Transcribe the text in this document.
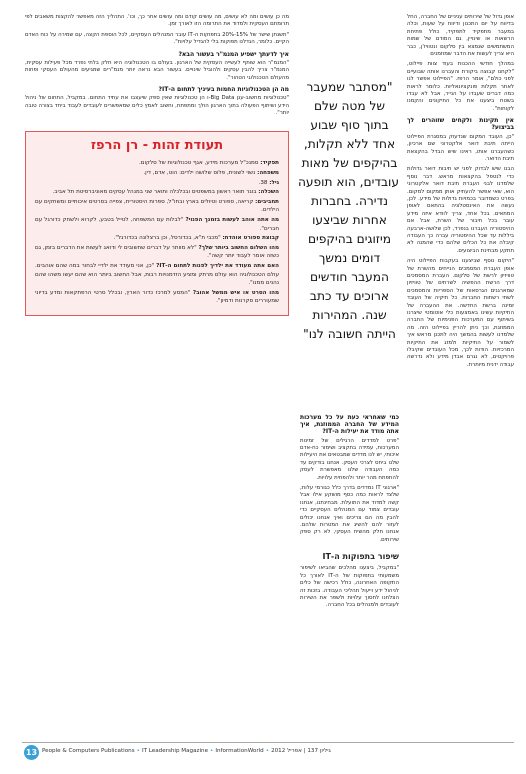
אופן גדול של שירותים עניניים של החברה, החל בדיווח על יום התכנון ודיווח על שעות, וכלה במעבר מתפקיד לתפקיד, כולל פתיחת הרשאות או שינויין, גם המודם של שמות המשתמשים שנמצא בין סלקום ונטוויז'ן, כבר היא צריך לעשות את הדבר שמוזמנים

במהלך חודשי ההכנות בעוד צוות פיילוט, "לקחנו קבוצה ביקורת והעברנו אותה שבועיים לפני כולם", אומר הרפז. "הפיילוט אפשר לנו לאתר תקלות פונקציונאליות. כלומר לראות כמה דברים שעבדו על הנייר, אבל לא עבדו בשטח ביצענו את כל התיקונים והקמנו לקוחות".

אין תקינות ולקחים שזוהרים לך בביצוע?

"כן, העובד המקום שנדעוק במסגרת הפיילוט הייתה תיבת דואר אלקטרוני שם ארכיון, כשהעברנו אותו, ראינו שיש הבדל בהקצאת תיבת הדואר.

הבנו שיש לבדוק לפני יש תיבות דואר גדולות כדי לנטפל בהקצאות מראש. דבר נוסף שלמדנו לבני העברת תיבת דואר אלקטרוני הוא, שאי אפשר להעתיק אותן ממקום למקום. בפרט כשמדובר בכמויות גדולות של מידע. לכן, נעשה את האינסטלציה בהתאם לאופן המתאים. בכל אחד, צריך לוודא איזה מידע עובר בכל חיבור של השרת, אבל אם ההיסטוריה העברנו בנפרד, לכן שלושה-ארבעה ביללות עד שכל ההיסטוריה עברה כך העבודה קיבלה את כל הכלים שלהם כדי שהמנה לא תתקע מבחינת הביצועים.

"היקום נוסף שביצענו בעקבות הפיילוט היה אופן העברת המסמכים הנייחים מהשרת של טוויזיון לרשת של סלקום. העברת המסמכים דרך הרשת ההפשיה לשרתים של טוויזיון שמארגנים הגרסאות של הספריות והמסמכים לשתי רשתות החברות. כל תיקיה של העובד זמינה ברשת החדשה. את ההעברה של התיקיות עשינו באמצעות כלי אוטומטי שיצרנו בשיתוף עם המערכות הפנימיות של החברה הממוזגת, וכך ניתן להריץ בפיילוט הזה. מה שלמדנו לעשות בהמשך היה לתכנן מראש איך לשמור על התיקיות ולמזג את התיקיות המרכזיות. הודות לכך, מכל העובדים שקיבלו פרויקטים, לא נגרם אבדן מידע ולא נדרשה עבודה ידנית מיותרת.

"מסתבר שמעבר
של מטה שלם
בתוך סוף שבוע
אחד ללא תקלות,
בהיקפים של מאות
עובדים, הוא תופעה
נדירה. בחברות
אחרות שביצעו
מיזוגים בהיקפים
דומים נמשך
המעבר חודשים
ארוכים עד כתב
שנה. המהירות
הייתה חשובה לנו"
כמי שאחראי כעת על כל מערכות המידע של החברה הממוזגת, איך אתה מודד את יעילות ה-IT?

"פרט למדדים הרגילים של זמינות המערכות, עמידה בתקציב ושימור כח-אדם איכותי, יש לנו מדדים שמבטאים את היעילות שלנו ביחס לצרכי העסק. אנחנו בודקים עד כמה העבודה שלנו מאפשרת לעסק להתפתח מהר יותר ולהפחית עלויות.

"ארגוני IT נמדדים בדרך כלל כגורמי עלות, שלצד לראות כמה כסף מושקע אילו אבל קשה למדוד את התועלת. מבחינתנו, אנחנו עובדים צמוד עם המנהלים העסקיים כדי להבין מה הם צריכים ואיך אנחנו יכולים לעזור להם להשיג את המטרות שלהם. אנחנו חלק מהשיח העסקי, לא רק ספק שירותים.

שיפור בתפוקות ה-IT

"במקביל, ביצענו מהלכים שהביאו לשיפור משמעותי בתפוקות של ה-IT לאורך כל התקופה האחרונה, כולל רכישה של כלים לניהול ידע וייעול תהליכי העבודה. בזכות זה הצלחנו לחסוך עלויות ולשפר את השירות לעובדים ולמנהלים בכל החברה.

מה כן עושים ומה לא עושים, מה עושים קודם ומה עושים אחר כך, וכו'. התהליך הזה מאפשר להקצות משאבים לפי תרומתם העסקית ולמדוד את התרומה הזו לאורך זמן.

"תשנתן שישר של 15%-20% בתפוקות ה-IT עובר המנהלים העסקיים, לכל הוספת הקצה, עם שמירה על כוח האדם הקיים. כלומר, הגדלנו תפוקות בלי להגדיל עלויות".

איך לדעתך ישפיע המנמ"ר בעשור הבא?

"המנמ"ר הוא שותף לעשייה העסקית של הארגון. בעולם בו הטכנולוגיה היא חלק בלתי נפרד מכל פעילות עסקית, המנמ"ר צריך להבין עסקים ולהוביל שינויים. בעשור הבא נראה יותר מנמ"רים שמגיעים מהעולם העסקי ופחות מהעולם הטכנולוגי הטהור".

מה הן הטכנולוגיות החמות בעיניך לתחום ה-IT?

"טכנולוגיות מחשוב-ענן Big Data-ו הן טכנולוגיות שאין ספק שיעצבו את עתיד התחום. במקביל, התחום של ניהול הידע ושיתוף הפעולה בתוך הארגון הולך ומתפתח, וחשוב לאמץ כלים שמאפשרים לעובדים לעבוד ביחד בצורה טובה יותר".

תעודת זהות - רן הרפז

תפקיד: סמנכ"ל מערכות מידע, אגף טכנולוגיות של סלקום.

משפחה: נשוי לשונית, פלוס שלושה ילדים: הוט, אדם, דין.

גיל: 38.

השכלה: בוגר תואר ראשון במשפטים ובכלכלה ותואר שני במנהל עסקים מאוניברסיטת תל אביב.

תחביבים: קריאה, ספורט וטיולים בארץ ובחו"ל, ספרות היסטורית, צפייה בסרטים איכותיים ומשחקים עם הילדים.

מה אתה אוהב לעשות בזמנך הפנוי? "לבלות עם המשפחה, לטייל בטבע, לקרוא ולשחק כדורגל עם חברים".

קבוצת ספורט אוהדת: "מכבי ת"א, בכדורסל, וכן ברצלונה בכדורגל".

מהו השלום החשוב ביותר שלך? "לא מוותר על דברים שחשובים לי ודואג לעשות את הדברים בזמן, גם כשזה אומר לעבוד יותר קשה".

האם אתה מעודד את ילדיך לפנות לתחום ה-IT? "כן, אני מעודד את ילדיי לבחור במה שהם אוהבים. עולם הטכנולוגיה הוא עולם מרתק ומציע הזדמנויות רבות, אבל החשוב ביותר הוא שהם יעשו משהו שהם נהנים ממנו".

מהו הסרט או איש ממשל אהוב? "המסע למרכז כדור הארץ, ובכלל סרטי הרפתקאות ומדע בדיוני שמעוררים סקרנות ודמיון".

13 People & Computers Publications • IT Leadership Magazine • InformationWorld • גיליון 137 | אפריל 2012
